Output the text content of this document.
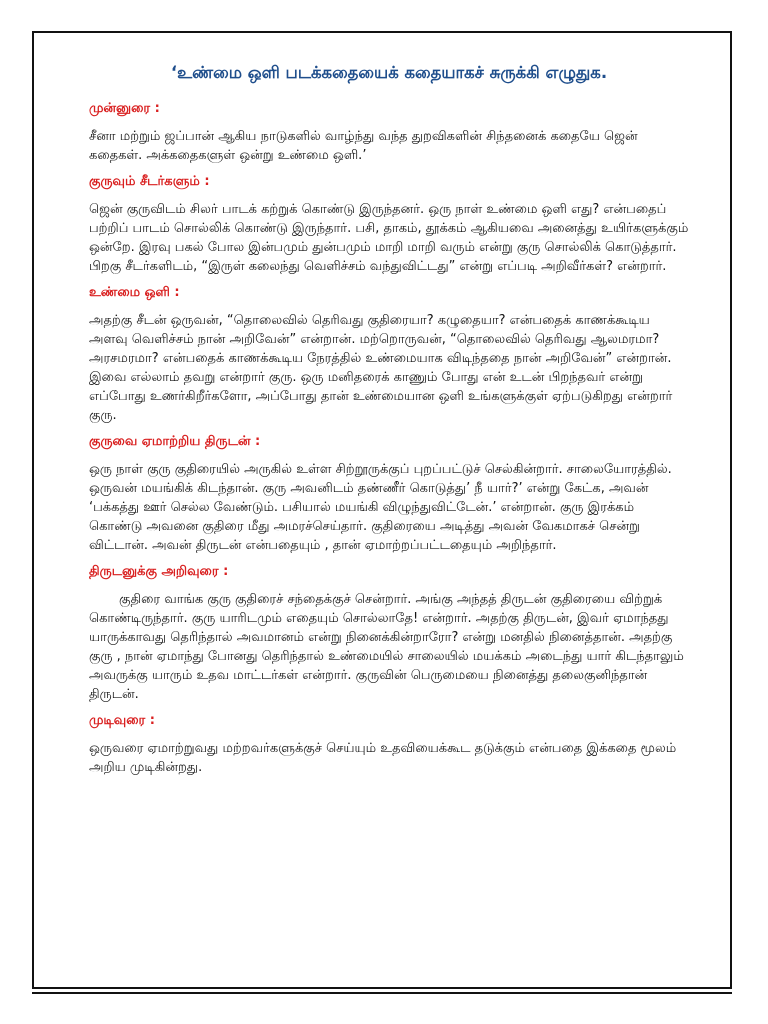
‘உண்மை ஒளி படக்கதையைக் கதையாகச் சுருக்கி எழுதுக.
முன்னுரை :

சீனா மற்றும் ஜப்பான் ஆகிய நாடுகளில் வாழ்ந்து வந்த துறவிகளின் சிந்தனைக் கதையே ஜென் கதைகள். அக்கதைகளுள் ஒன்று உண்மை ஒளி.’

குருவும் சீடர்களும் :

ஜென் குருவிடம் சிலர் பாடக் கற்றுக் கொண்டு இருந்தனர். ஒரு நாள் உண்மை ஒளி எது? என்பதைப் பற்றிப் பாடம் சொல்லிக் கொண்டு இருந்தார். பசி, தாகம், தூக்கம் ஆகியவை அனைத்து உயிர்களுக்கும் ஒன்றே. இரவு பகல் போல இன்பமும் துன்பமும் மாறி மாறி வரும் என்று குரு சொல்லிக் கொடுத்தார். பிறகு சீடர்களிடம், “இருள் கலைந்து வெளிச்சம் வந்துவிட்டது” என்று எப்படி அறிவீர்கள்? என்றார்.

உண்மை ஒளி :

அதற்கு சீடன் ஒருவன், “தொலைவில் தெரிவது குதிரையா? கழுதையா? என்பதைக் காணக்கூடிய அளவு வெளிச்சம் நான் அறிவேன்” என்றான். மற்றொருவன், “தொலைவில் தெரிவது ஆலமரமா? அரசமரமா? என்பதைக் காணக்கூடிய நேரத்தில் உண்மையாக விடிந்ததை நான் அறிவேன்” என்றான். இவை எல்லாம் தவறு என்றார் குரு. ஒரு மனிதரைக் காணும் போது என் உடன் பிறந்தவர் என்று எப்போது உணர்கிறீர்களோ, அப்போது தான் உண்மையான ஒளி உங்களுக்குள் ஏற்படுகிறது என்றார் குரு.

குருவை ஏமாற்றிய திருடன் :

ஒரு நாள் குரு குதிரையில் அருகில் உள்ள சிற்றூருக்குப் புறப்பட்டுச் செல்கின்றார். சாலையோரத்தில். ஒருவன் மயங்கிக் கிடந்தான். குரு அவனிடம் தண்ணீர் கொடுத்து’ நீ யார்?’ என்று கேட்க, அவன் ‘பக்கத்து ஊர் செல்ல வேண்டும். பசியால் மயங்கி விழுந்துவிட்டேன்.’ என்றான். குரு இரக்கம் கொண்டு அவனை குதிரை மீது அமரச்செய்தார். குதிரையை அடித்து அவன் வேகமாகச் சென்று விட்டான். அவன் திருடன் என்பதையும் , தான் ஏமாற்றப்பட்டதையும் அறிந்தார்.

திருடனுக்கு அறிவுரை :

குதிரை வாங்க குரு குதிரைச் சந்தைக்குச் சென்றார். அங்கு அந்தத் திருடன் குதிரையை விற்றுக் கொண்டிருந்தார். குரு யாரிடமும் எதையும் சொல்லாதே! என்றார். அதற்கு திருடன், இவர் ஏமாந்தது யாருக்காவது தெரிந்தால் அவமானம் என்று நினைக்கின்றாரோ? என்று மனதில் நினைத்தான். அதற்கு குரு , நான் ஏமாந்து போனது தெரிந்தால் உண்மையில் சாலையில் மயக்கம் அடைந்து யார் கிடந்தாலும் அவருக்கு யாரும் உதவ மாட்டர்கள் என்றார். குருவின் பெருமையை நினைத்து தலைகுனிந்தான் திருடன்.

முடிவுரை :

ஒருவரை ஏமாற்றுவது மற்றவர்களுக்குச் செய்யும் உதவியைக்கூட தடுக்கும் என்பதை இக்கதை மூலம் அறிய முடிகின்றது.
